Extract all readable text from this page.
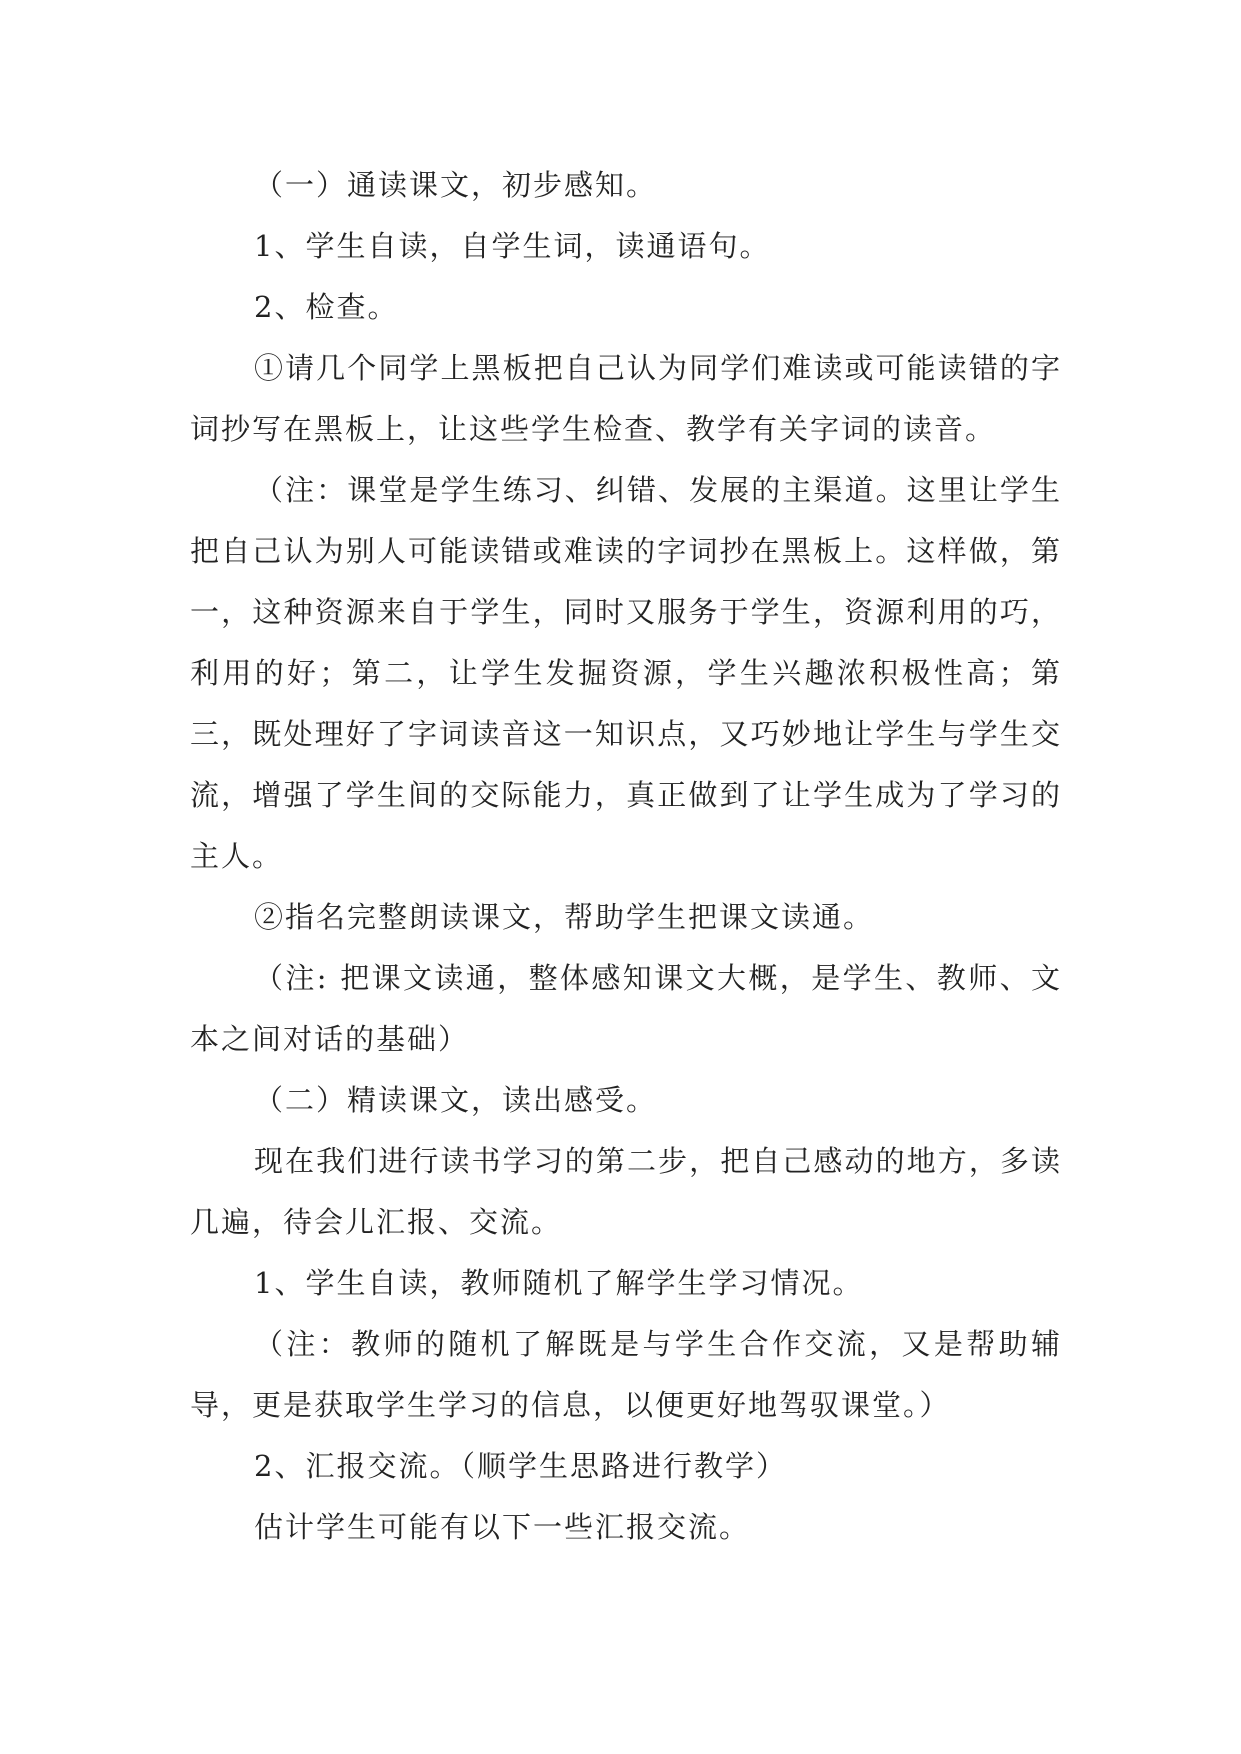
（一）通读课文，初步感知。

1、学生自读，自学生词，读通语句。

2、检查。

①请几个同学上黑板把自己认为同学们难读或可能读错的字词抄写在黑板上，让这些学生检查、教学有关字词的读音。

（注：课堂是学生练习、纠错、发展的主渠道。这里让学生把自己认为别人可能读错或难读的字词抄在黑板上。这样做，第一，这种资源来自于学生，同时又服务于学生，资源利用的巧，利用的好；第二，让学生发掘资源，学生兴趣浓积极性高；第三，既处理好了字词读音这一知识点，又巧妙地让学生与学生交流，增强了学生间的交际能力，真正做到了让学生成为了学习的主人。

②指名完整朗读课文，帮助学生把课文读通。

（注: 把课文读通，整体感知课文大概，是学生、教师、文本之间对话的基础）

（二）精读课文，读出感受。

现在我们进行读书学习的第二步，把自己感动的地方，多读几遍，待会儿汇报、交流。

1、学生自读，教师随机了解学生学习情况。

（注：教师的随机了解既是与学生合作交流，又是帮助辅导，更是获取学生学习的信息，以便更好地驾驭课堂。）

2、汇报交流。（顺学生思路进行教学）

估计学生可能有以下一些汇报交流。
